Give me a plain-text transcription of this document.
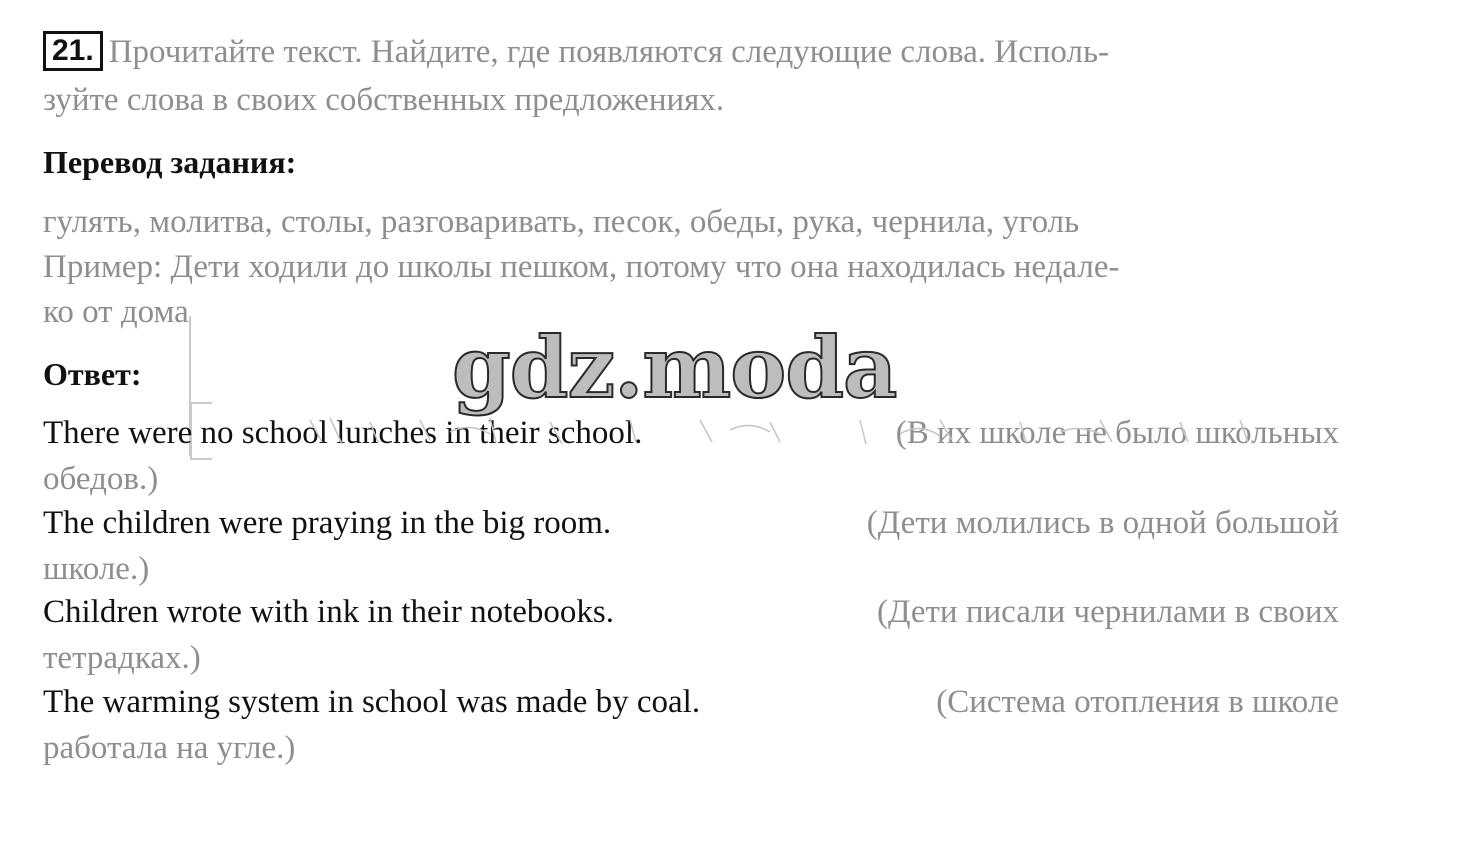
21. Прочитайте текст. Найдите, где появляются следующие слова. Исполь-
зуйте слова в своих собственных предложениях.
Перевод задания:
гулять, молитва, столы, разговаривать, песок, обеды, рука, чернила, уголь
Пример: Дети ходили до школы пешком, потому что она находилась недале-
ко от дома
Ответ:
There were no school lunches in their school.	(В их школе не было школьных
обедов.)
The children were praying in the big room.	(Дети молились в одной большой
школе.)
Children wrote with ink in their notebooks.	(Дети писали чернилами в своих
тетрадках.)
The warming system in school was made by coal.	(Система отопления в школе
работала на угле.)
gdz.moda
